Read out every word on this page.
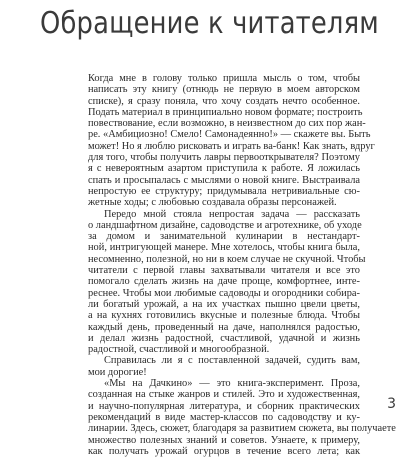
Обращение к читателям
Когда мне в голову только пришла мысль о том, чтобы
написать эту книгу (отнюдь не первую в моем авторском
списке), я сразу поняла, что хочу создать нечто особенное.
Подать материал в принципиально новом формате; построить
повествование, если возможно, в неизвестном до сих пор жан-
ре. «Амбициозно! Смело! Самонадеянно!» — скажете вы. Быть
может! Но я люблю рисковать и играть ва-банк! Как знать, вдруг
для того, чтобы получить лавры первооткрывателя? Поэтому
я с невероятным азартом приступила к работе. Я ложилась
спать и просыпалась с мыслями о новой книге. Выстраивала
непростую ее структуру; придумывала нетривиальные сю-
жетные ходы; с любовью создавала образы персонажей.
Передо мной стояла непростая задача — рассказать
о ландшафтном дизайне, садоводстве и агротехнике, об уходе
за домом и занимательной кулинарии в нестандарт-
ной, интригующей манере. Мне хотелось, чтобы книга была,
несомненно, полезной, но ни в коем случае не скучной. Чтобы
читатели с первой главы захватывали читателя и все это
помогало сделать жизнь на даче проще, комфортнее, инте-
реснее. Чтобы мои любимые садоводы и огородники собира-
ли богатый урожай, а на их участках пышно цвели цветы,
а на кухнях готовились вкусные и полезные блюда. Чтобы
каждый день, проведенный на даче, наполнялся радостью,
и делал жизнь радостной, счастливой, удачной и жизнь
радостной, счастливой и многообразной.
Справилась ли я с поставленной задачей, судить вам,
мои дорогие!
«Мы на Дачкино» — это книга-эксперимент. Проза,
созданная на стыке жанров и стилей. Это и художественная,
и научно-популярная литература, и сборник практических
рекомендаций в виде мастер-классов по садоводству и ку-
линарии. Здесь, сюжет, благодаря за развитием сюжета, вы получаете
множество полезных знаний и советов. Узнаете, к примеру,
как получать урожай огурцов в течение всего лета; как
3
